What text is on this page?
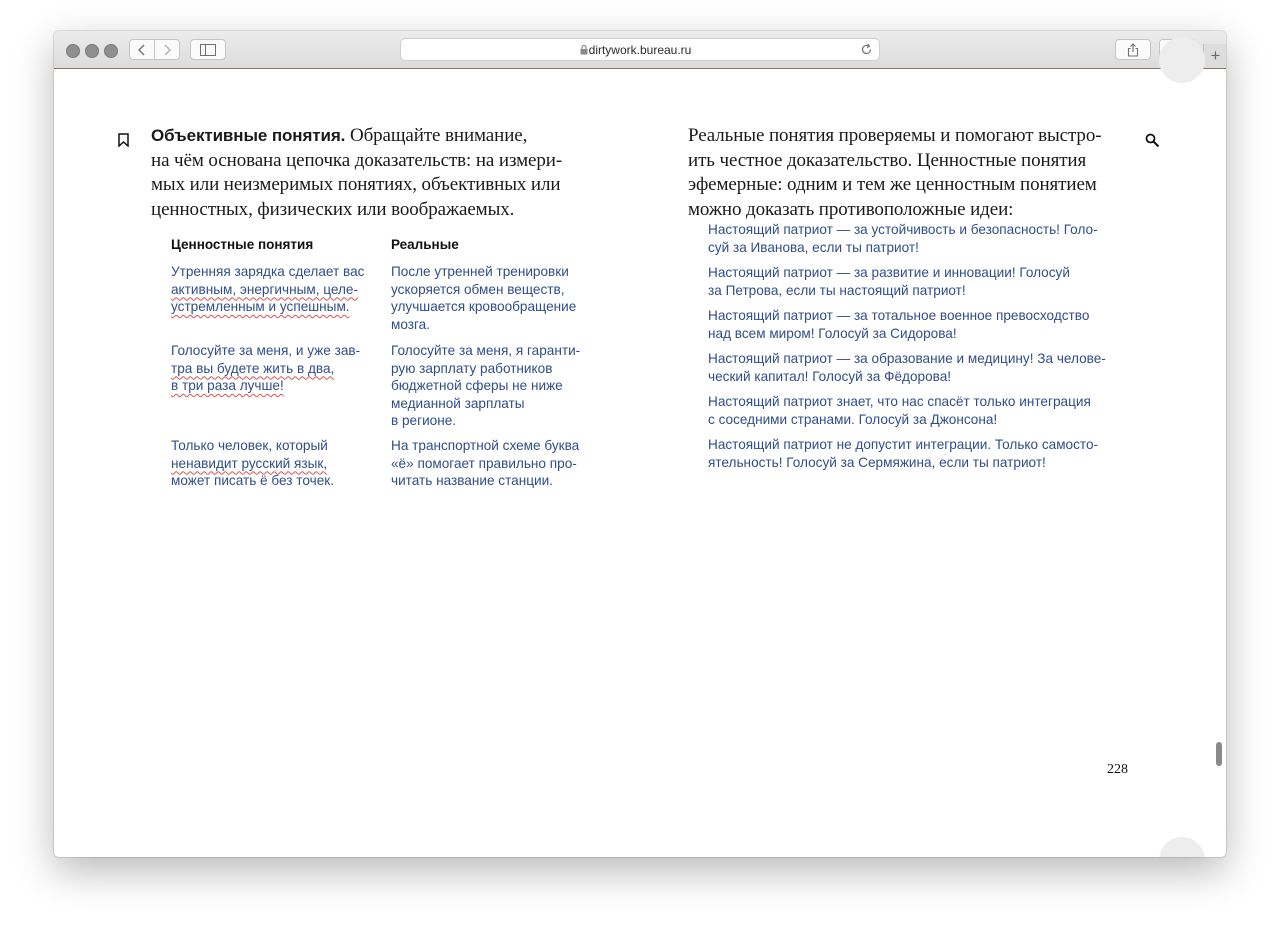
dirtywork.bureau.ru	+
Объективные понятия. Обращайте внимание,
на чём основана цепочка доказательств: на измери-
мых или неизмеримых понятиях, объективных или
ценностных, физических или воображаемых.
Ценностные понятия	Реальные
Утренняя зарядка сделает вас
активным, энергичным, целе-
устремленным и успешным.
После утренней тренировки
ускоряется обмен веществ,
улучшается кровообращение
мозга.
Голосуйте за меня, и уже зав-
тра вы будете жить в два,
в три раза лучше!
Голосуйте за меня, я гаранти-
рую зарплату работников
бюджетной сферы не ниже
медианной зарплаты
в регионе.
Только человек, который
ненавидит русский язык,
может писать ё без точек.
На транспортной схеме буква
«ё» помогает правильно про-
читать название станции.
Реальные понятия проверяемы и помогают выстро-
ить честное доказательство. Ценностные понятия
эфемерные: одним и тем же ценностным понятием
можно доказать противоположные идеи:
Настоящий патриот — за устойчивость и безопасность! Голо-
суй за Иванова, если ты патриот!
Настоящий патриот — за развитие и инновации! Голосуй
за Петрова, если ты настоящий патриот!
Настоящий патриот — за тотальное военное превосходство
над всем миром! Голосуй за Сидорова!
Настоящий патриот — за образование и медицину! За челове-
ческий капитал! Голосуй за Фёдорова!
Настоящий патриот знает, что нас спасёт только интеграция
с соседними странами. Голосуй за Джонсона!
Настоящий патриот не допустит интеграции. Только самосто-
ятельность! Голосуй за Сермяжина, если ты патриот!
228
